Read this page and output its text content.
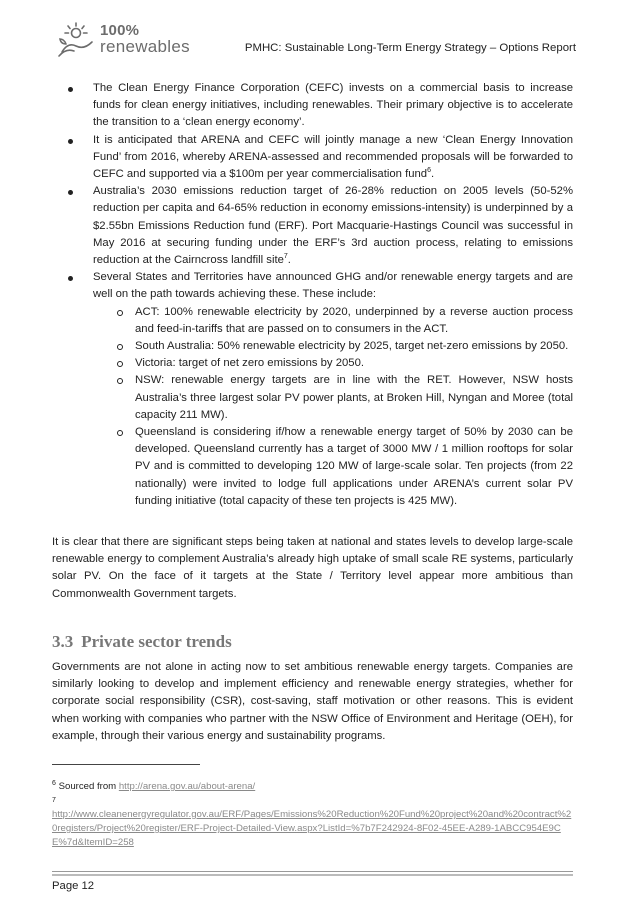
100%
renewables	PMHC: Sustainable Long-Term Energy Strategy – Options Report
The Clean Energy Finance Corporation (CEFC) invests on a commercial basis to increase funds for clean energy initiatives, including renewables. Their primary objective is to accelerate the transition to a ‘clean energy economy’.
It is anticipated that ARENA and CEFC will jointly manage a new ‘Clean Energy Innovation Fund’ from 2016, whereby ARENA-assessed and recommended proposals will be forwarded to CEFC and supported via a $100m per year commercialisation fund$^6$.
Australia’s 2030 emissions reduction target of 26-28% reduction on 2005 levels (50-52% reduction per capita and 64-65% reduction in economy emissions-intensity) is underpinned by a $2.55bn Emissions Reduction fund (ERF). Port Macquarie-Hastings Council was successful in May 2016 at securing funding under the ERF’s 3rd auction process, relating to emissions reduction at the Cairncross landfill site$^7$.
Several States and Territories have announced GHG and/or renewable energy targets and are well on the path towards achieving these. These include:
ACT: 100% renewable electricity by 2020, underpinned by a reverse auction process and feed-in-tariffs that are passed on to consumers in the ACT.
South Australia: 50% renewable electricity by 2025, target net-zero emissions by 2050.
Victoria: target of net zero emissions by 2050.
NSW: renewable energy targets are in line with the RET. However, NSW hosts Australia’s three largest solar PV power plants, at Broken Hill, Nyngan and Moree (total capacity 211 MW).
Queensland is considering if/how a renewable energy target of 50% by 2030 can be developed. Queensland currently has a target of 3000 MW / 1 million rooftops for solar PV and is committed to developing 120 MW of large-scale solar. Ten projects (from 22 nationally) were invited to lodge full applications under ARENA’s current solar PV funding initiative (total capacity of these ten projects is 425 MW).

It is clear that there are significant steps being taken at national and states levels to develop large-scale renewable energy to complement Australia’s already high uptake of small scale RE systems, particularly solar PV. On the face of it targets at the State / Territory level appear more ambitious than Commonwealth Government targets.

3.3 Private sector trends

Governments are not alone in acting now to set ambitious renewable energy targets. Companies are similarly looking to develop and implement efficiency and renewable energy strategies, whether for corporate social responsibility (CSR), cost-saving, staff motivation or other reasons. This is evident when working with companies who partner with the NSW Office of Environment and Heritage (OEH), for example, through their various energy and sustainability programs.

$^6$ Sourced from http://arena.gov.au/about-arena/
7
http://www.cleanenergyregulator.gov.au/ERF/Pages/Emissions%20Reduction%20Fund%20project%20and%20contract%20registers/Project%20register/ERF-Project-Detailed-View.aspx?ListId=%7b7F242924-8F02-45EE-A289-1ABCC954E9CE%7d&ItemID=258
Page 12
